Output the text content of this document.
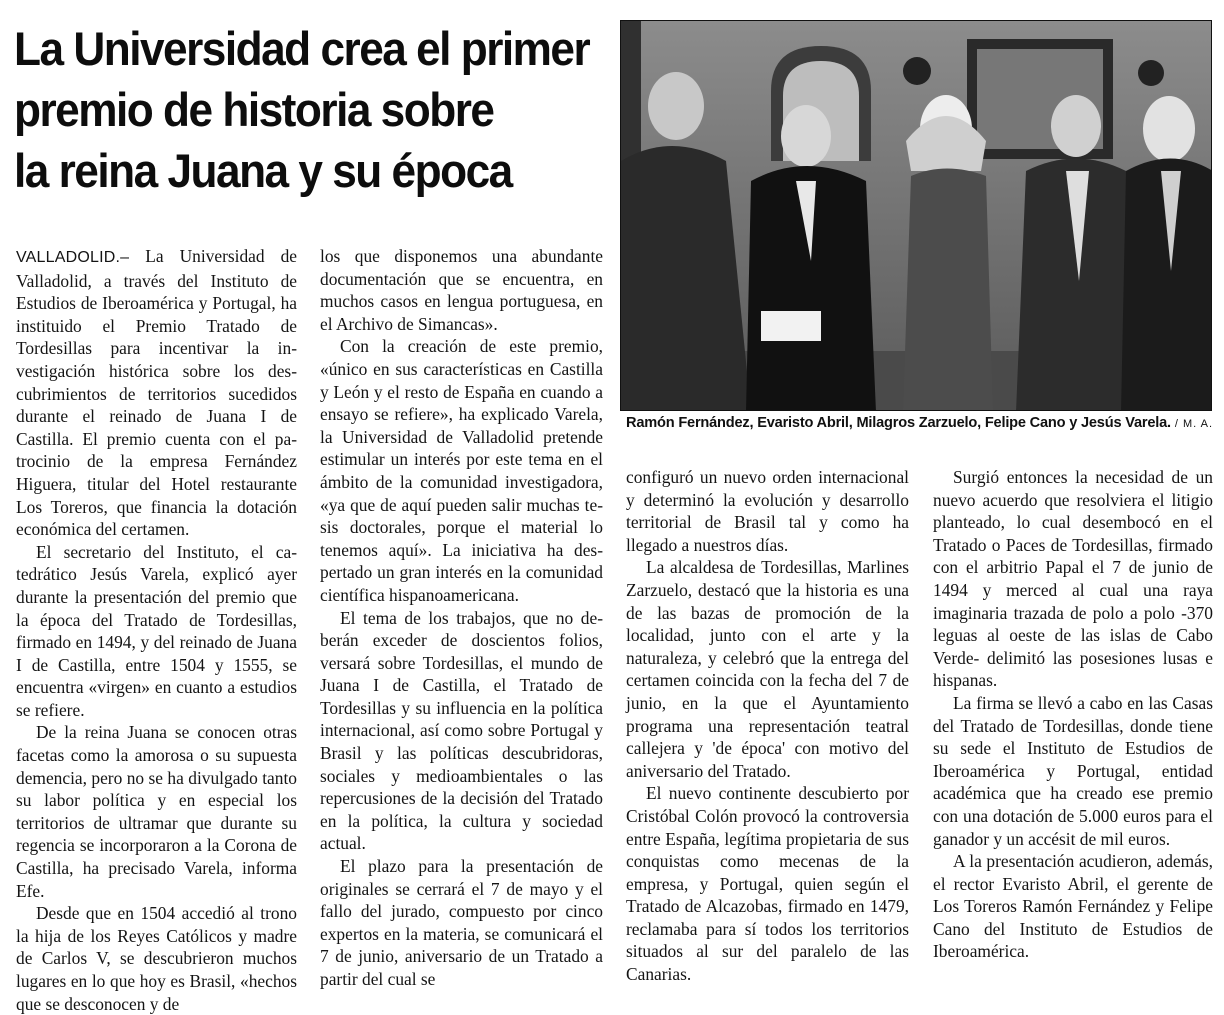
La Universidad crea el primer
premio de historia sobre
la reina Juana y su época
Ramón Fernández, Evaristo Abril, Milagros Zarzuelo, Felipe Cano y Jesús Varela. / M. A.

VALLADOLID.– La Universidad de Valladolid, a través del Instituto de Estudios de Iberoamérica y Portugal, ha instituido el Premio Tratado de Tordesillas para incentivar la investigación histórica sobre los descubrimientos de territorios sucedidos durante el reinado de Juana I de Castilla. El premio cuenta con el patrocinio de la empresa Fernández Higuera, titular del Hotel restaurante Los Toreros, que financia la dotación económica del certamen.

El secretario del Instituto, el catedrático Jesús Varela, explicó ayer durante la presentación del premio que la época del Tratado de Tordesillas, firmado en 1494, y del reinado de Juana I de Castilla, entre 1504 y 1555, se encuentra «virgen» en cuanto a estudios se refiere.

De la reina Juana se conocen otras facetas como la amorosa o su supuesta demencia, pero no se ha divulgado tanto su labor política y en especial los territorios de ultramar que durante su regencia se incorporaron a la Corona de Castilla, ha precisado Varela, informa Efe.

Desde que en 1504 accedió al trono la hija de los Reyes Católicos y madre de Carlos V, se descubrieron muchos lugares en lo que hoy es Brasil, «hechos que se desconocen y de

los que disponemos una abundante documentación que se encuentra, en muchos casos en lengua portuguesa, en el Archivo de Simancas».

Con la creación de este premio, «único en sus características en Castilla y León y el resto de España en cuando a ensayo se refiere», ha explicado Varela, la Universidad de Valladolid pretende estimular un interés por este tema en el ámbito de la comunidad investigadora, «ya que de aquí pueden salir muchas tesis doctorales, porque el material lo tenemos aquí». La iniciativa ha despertado un gran interés en la comunidad científica hispanoamericana.

El tema de los trabajos, que no deberán exceder de doscientos folios, versará sobre Tordesillas, el mundo de Juana I de Castilla, el Tratado de Tordesillas y su influencia en la política internacional, así como sobre Portugal y Brasil y las políticas descubridoras, sociales y medioambientales o las repercusiones de la decisión del Tratado en la política, la cultura y sociedad actual.

El plazo para la presentación de originales se cerrará el 7 de mayo y el fallo del jurado, compuesto por cinco expertos en la materia, se comunicará el 7 de junio, aniversario de un Tratado a partir del cual se

configuró un nuevo orden internacional y determinó la evolución y desarrollo territorial de Brasil tal y como ha llegado a nuestros días.

La alcaldesa de Tordesillas, Marlines Zarzuelo, destacó que la historia es una de las bazas de promoción de la localidad, junto con el arte y la naturaleza, y celebró que la entrega del certamen coincida con la fecha del 7 de junio, en la que el Ayuntamiento programa una representación teatral callejera y 'de época' con motivo del aniversario del Tratado.

El nuevo continente descubierto por Cristóbal Colón provocó la controversia entre España, legítima propietaria de sus conquistas como mecenas de la empresa, y Portugal, quien según el Tratado de Alcazobas, firmado en 1479, reclamaba para sí todos los territorios situados al sur del paralelo de las Canarias.

Surgió entonces la necesidad de un nuevo acuerdo que resolviera el litigio planteado, lo cual desembocó en el Tratado o Paces de Tordesillas, firmado con el arbitrio Papal el 7 de junio de 1494 y merced al cual una raya imaginaria trazada de polo a polo -370 leguas al oeste de las islas de Cabo Verde- delimitó las posesiones lusas e hispanas.

La firma se llevó a cabo en las Casas del Tratado de Tordesillas, donde tiene su sede el Instituto de Estudios de Iberoamérica y Portugal, entidad académica que ha creado ese premio con una dotación de 5.000 euros para el ganador y un accésit de mil euros.

A la presentación acudieron, además, el rector Evaristo Abril, el gerente de Los Toreros Ramón Fernández y Felipe Cano del Instituto de Estudios de Iberoamérica.
